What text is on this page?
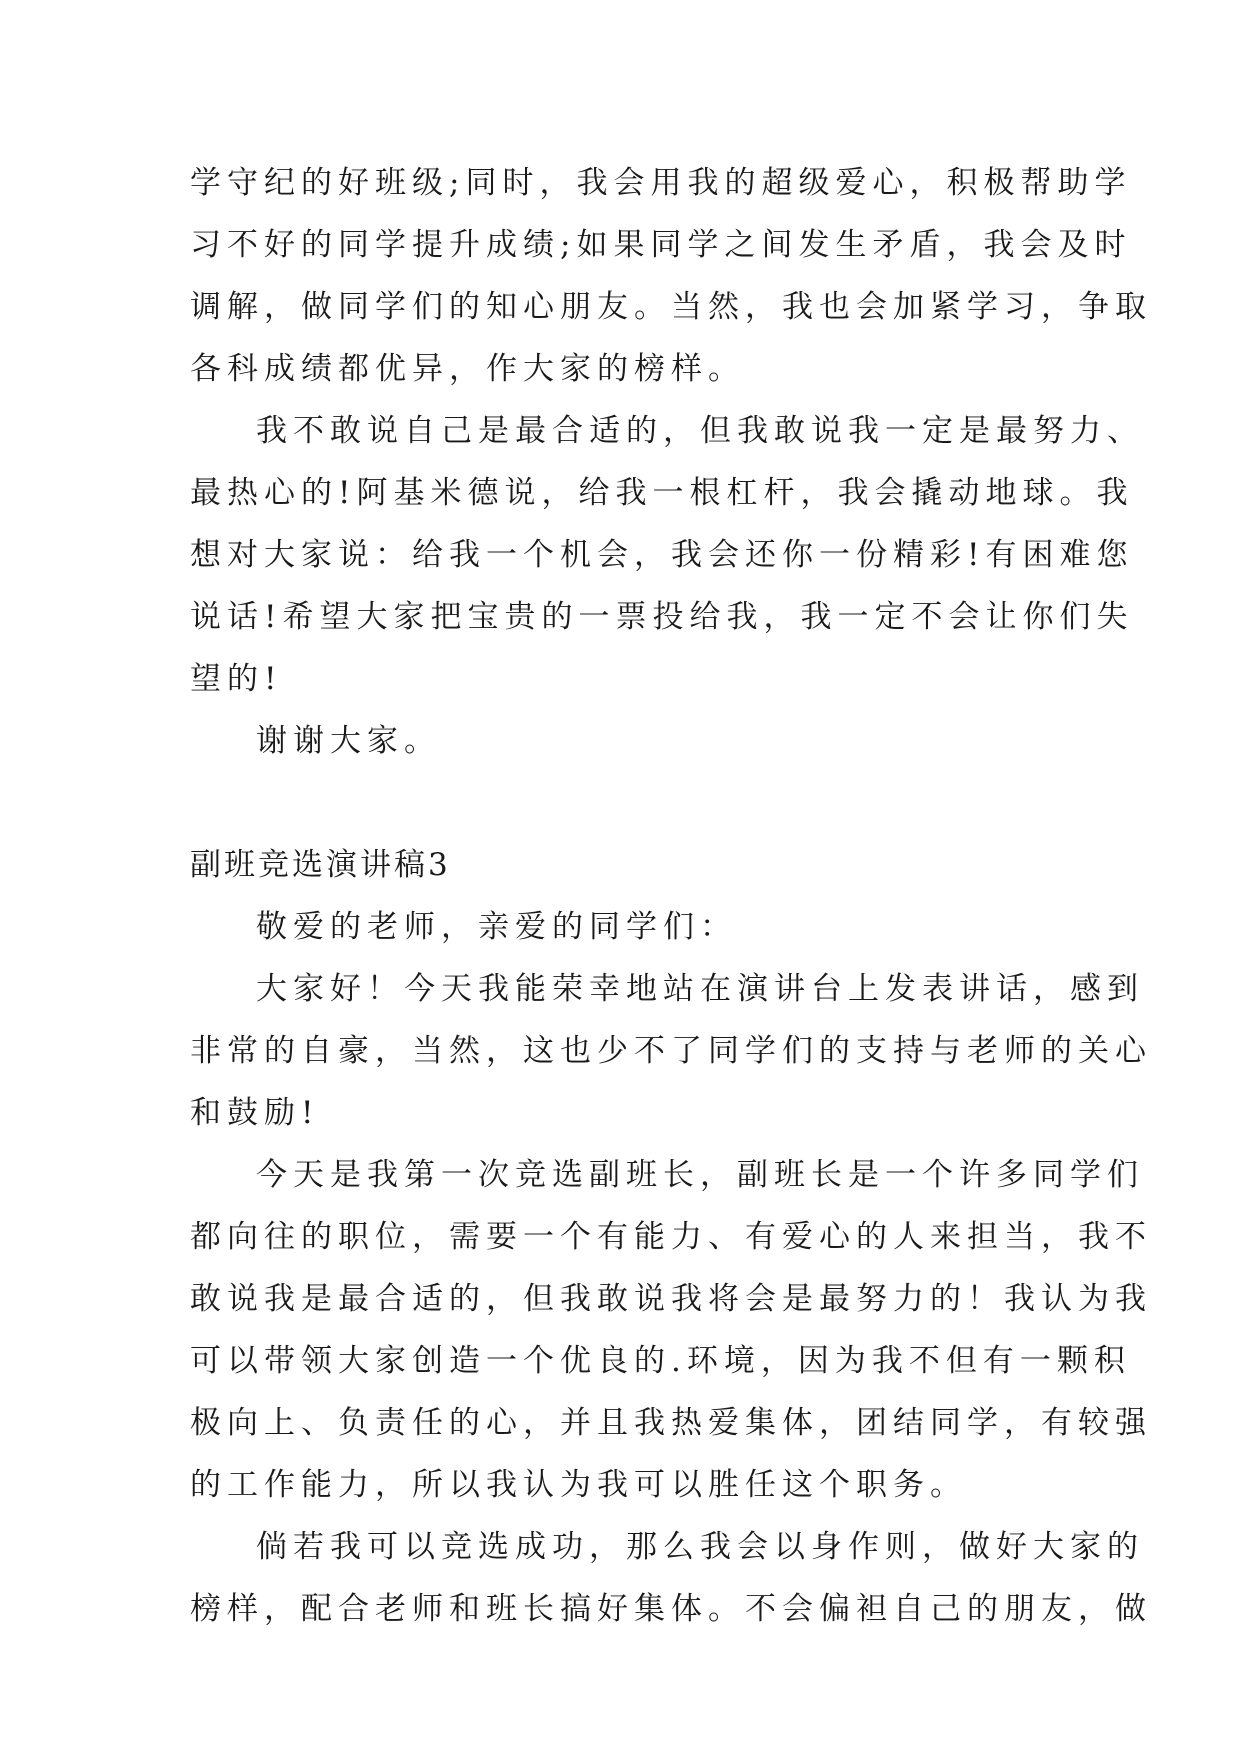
学守纪的好班级;同时，我会用我的超级爱心，积极帮助学
习不好的同学提升成绩;如果同学之间发生矛盾，我会及时
调解，做同学们的知心朋友。当然，我也会加紧学习，争取
各科成绩都优异，作大家的榜样。
我不敢说自己是最合适的，但我敢说我一定是最努力、
最热心的!阿基米德说，给我一根杠杆，我会撬动地球。我
想对大家说：给我一个机会，我会还你一份精彩!有困难您
说话!希望大家把宝贵的一票投给我，我一定不会让你们失
望的!
谢谢大家。
副班竞选演讲稿3
敬爱的老师，亲爱的同学们：
大家好！今天我能荣幸地站在演讲台上发表讲话，感到
非常的自豪，当然，这也少不了同学们的支持与老师的关心
和鼓励!
今天是我第一次竞选副班长，副班长是一个许多同学们
都向往的职位，需要一个有能力、有爱心的人来担当，我不
敢说我是最合适的，但我敢说我将会是最努力的！我认为我
可以带领大家创造一个优良的.环境，因为我不但有一颗积
极向上、负责任的心，并且我热爱集体，团结同学，有较强
的工作能力，所以我认为我可以胜任这个职务。
倘若我可以竞选成功，那么我会以身作则，做好大家的
榜样，配合老师和班长搞好集体。不会偏袒自己的朋友，做
